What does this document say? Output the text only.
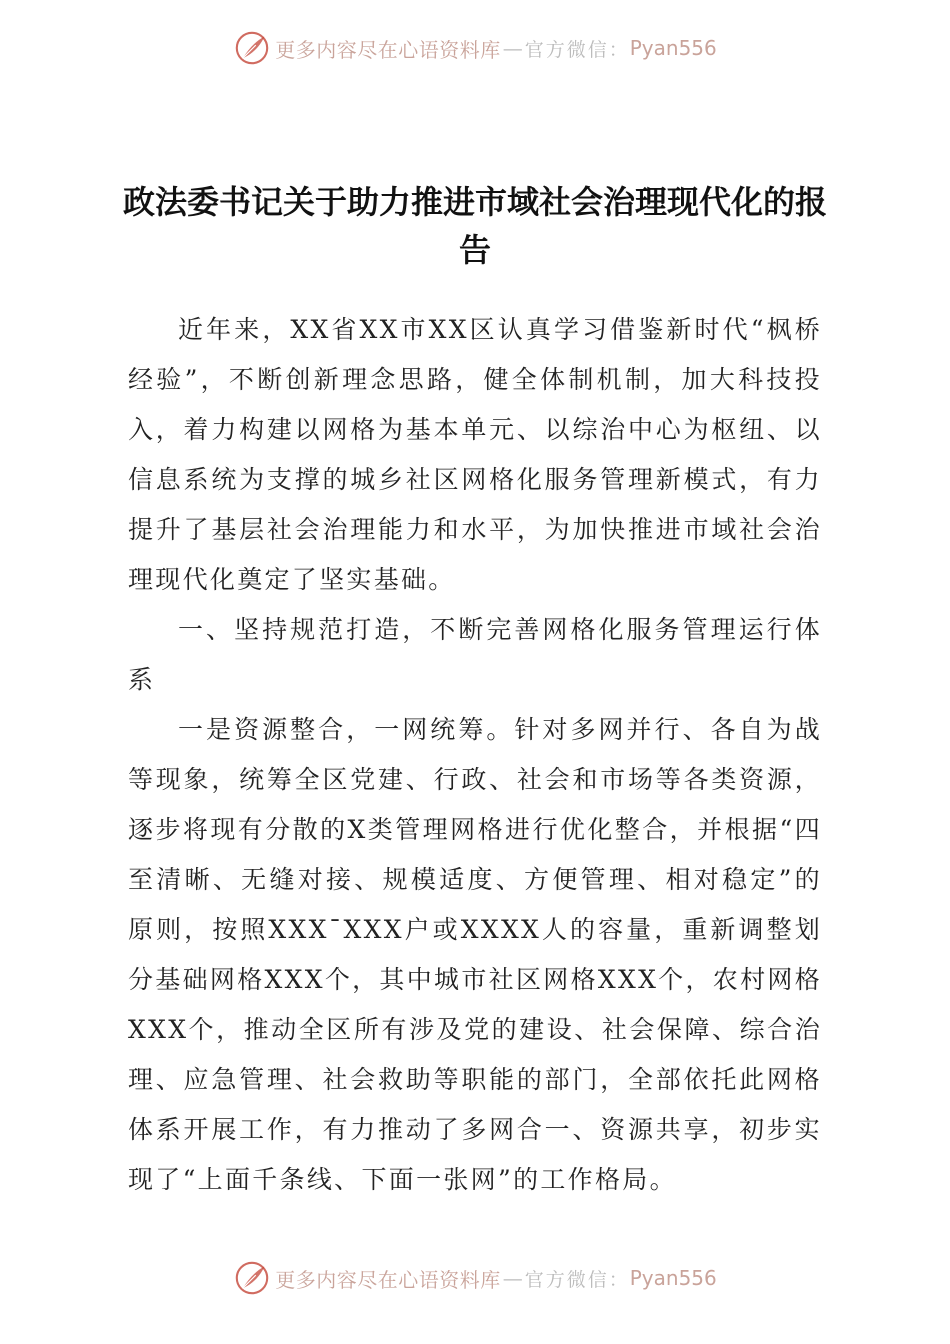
更多内容尽在心语资料库 — 官方微信： Pyan556
政法委书记关于助力推进市域社会治理现代化的报告

近年来，XX省XX市XX区认真学习借鉴新时代“枫桥经验”，不断创新理念思路，健全体制机制，加大科技投入，着力构建以网格为基本单元、以综治中心为枢纽、以信息系统为支撑的城乡社区网格化服务管理新模式，有力提升了基层社会治理能力和水平，为加快推进市域社会治理现代化奠定了坚实基础。

一、坚持规范打造，不断完善网格化服务管理运行体系

一是资源整合，一网统筹。针对多网并行、各自为战等现象，统筹全区党建、行政、社会和市场等各类资源，逐步将现有分散的X类管理网格进行优化整合，并根据“四至清晰、无缝对接、规模适度、方便管理、相对稳定”的原则，按照XXX¯XXX户或XXXX人的容量，重新调整划分基础网格XXX个，其中城市社区网格XXX个，农村网格XXX个，推动全区所有涉及党的建设、社会保障、综合治理、应急管理、社会救助等职能的部门，全部依托此网格体系开展工作，有力推动了多网合一、资源共享，初步实现了“上面千条线、下面一张网”的工作格局。

更多内容尽在心语资料库 — 官方微信： Pyan556
